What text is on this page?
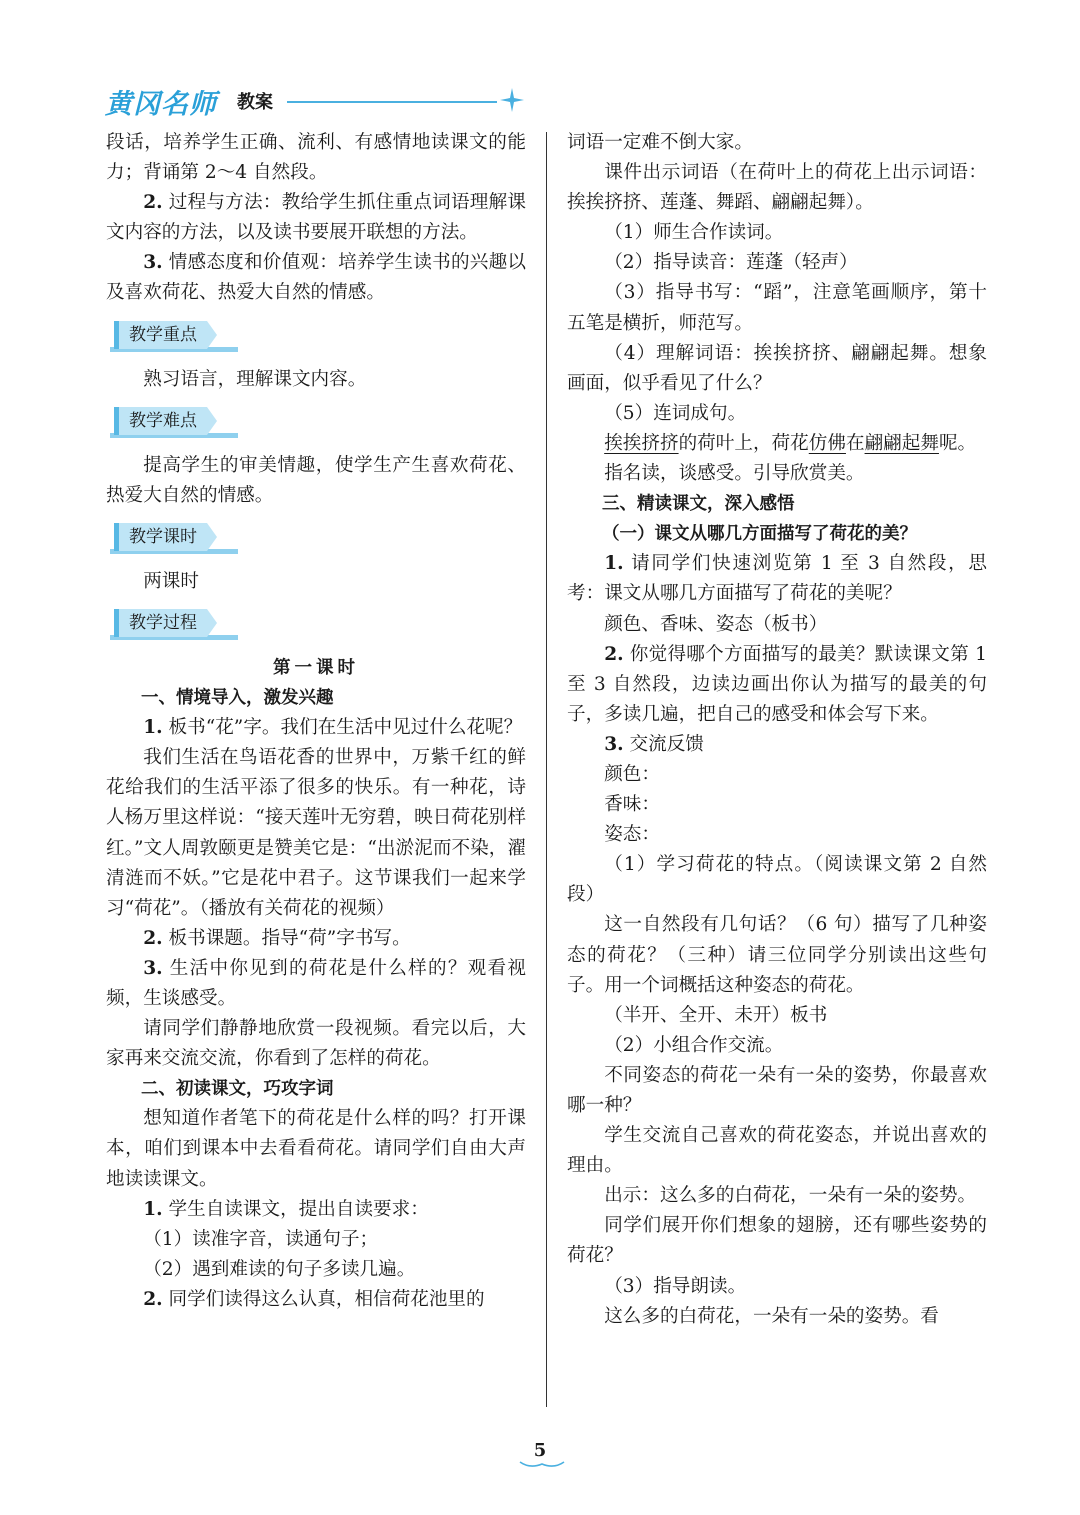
黄冈名师 教案

段话，培养学生正确、流利、有感情地读课文的能力；背诵第 2～4 自然段。

2. 过程与方法：教给学生抓住重点词语理解课文内容的方法，以及读书要展开联想的方法。

3. 情感态度和价值观：培养学生读书的兴趣以及喜欢荷花、热爱大自然的情感。

教学重点

熟习语言，理解课文内容。

教学难点

提高学生的审美情趣，使学生产生喜欢荷花、热爱大自然的情感。

教学课时

两课时

教学过程

第一课时

一、情境导入，激发兴趣

1. 板书“花”字。我们在生活中见过什么花呢？

我们生活在鸟语花香的世界中，万紫千红的鲜花给我们的生活平添了很多的快乐。有一种花，诗人杨万里这样说：“接天莲叶无穷碧，映日荷花别样红。”文人周敦颐更是赞美它是：“出淤泥而不染，濯清涟而不妖。”它是花中君子。这节课我们一起来学习“荷花”。（播放有关荷花的视频）

2. 板书课题。指导“荷”字书写。

3. 生活中你见到的荷花是什么样的？观看视频，生谈感受。

请同学们静静地欣赏一段视频。看完以后，大家再来交流交流，你看到了怎样的荷花。

二、初读课文，巧攻字词

想知道作者笔下的荷花是什么样的吗？打开课本，咱们到课本中去看看荷花。请同学们自由大声地读读课文。

1. 学生自读课文，提出自读要求：

（1）读准字音，读通句子；

（2）遇到难读的句子多读几遍。

2. 同学们读得这么认真，相信荷花池里的

词语一定难不倒大家。

课件出示词语（在荷叶上的荷花上出示词语：挨挨挤挤、莲蓬、舞蹈、翩翩起舞）。

（1）师生合作读词。

（2）指导读音：莲蓬（轻声）

（3）指导书写：“蹈”，注意笔画顺序，第十五笔是横折，师范写。

（4）理解词语：挨挨挤挤、翩翩起舞。想象画面，似乎看见了什么？

（5）连词成句。

挨挨挤挤的荷叶上，荷花仿佛在翩翩起舞呢。

指名读，谈感受。引导欣赏美。

三、精读课文，深入感悟

（一）课文从哪几方面描写了荷花的美？

1. 请同学们快速浏览第 1 至 3 自然段，思考：课文从哪几方面描写了荷花的美呢？

颜色、香味、姿态（板书）

2. 你觉得哪个方面描写的最美？默读课文第 1 至 3 自然段，边读边画出你认为描写的最美的句子，多读几遍，把自己的感受和体会写下来。

3. 交流反馈

颜色：

香味：

姿态：

（1）学习荷花的特点。（阅读课文第 2 自然段）

这一自然段有几句话？（6 句）描写了几种姿态的荷花？（三种）请三位同学分别读出这些句子。用一个词概括这种姿态的荷花。

（半开、全开、未开）板书

（2）小组合作交流。

不同姿态的荷花一朵有一朵的姿势，你最喜欢哪一种？

学生交流自己喜欢的荷花姿态，并说出喜欢的理由。

出示：这么多的白荷花，一朵有一朵的姿势。

同学们展开你们想象的翅膀，还有哪些姿势的荷花？

（3）指导朗读。

这么多的白荷花，一朵有一朵的姿势。看

5
